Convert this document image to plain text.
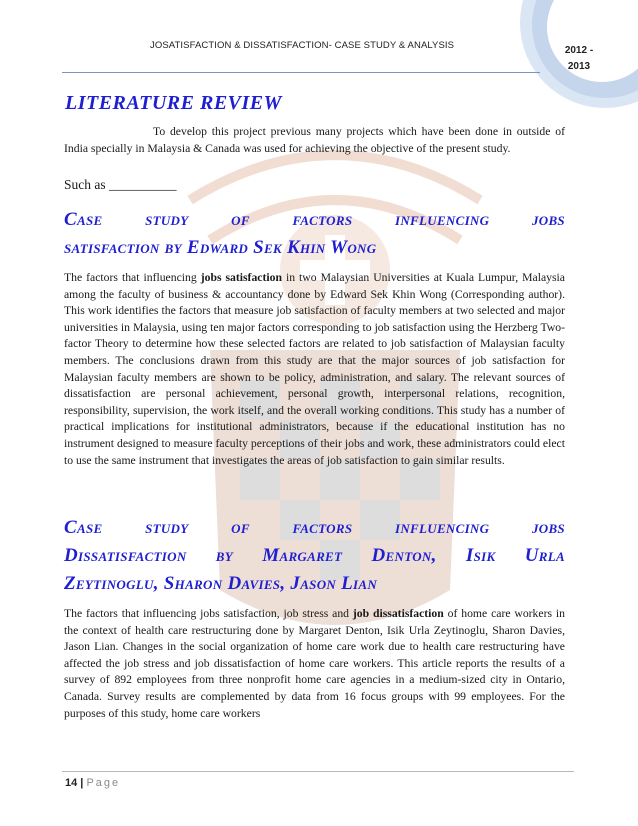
JOSATISFACTION & DISSATISFACTION- CASE STUDY & ANALYSIS	2012 -
2013
LITERATURE REVIEW
To develop this project previous many projects which have been done in outside of India specially in Malaysia & Canada was used for achieving the objective of the present study.
Such as __________
Case study of factors influencing jobs
satisfaction by Edward Sek Khin Wong
The factors that influencing jobs satisfaction in two Malaysian Universities at Kuala Lumpur, Malaysia among the faculty of business & accountancy done by Edward Sek Khin Wong (Corresponding author). This work identifies the factors that measure job satisfaction of faculty members at two selected and major universities in Malaysia, using ten major factors corresponding to job satisfaction using the Herzberg Two-factor Theory to determine how these selected factors are related to job satisfaction of Malaysian faculty members. The conclusions drawn from this study are that the major sources of job satisfaction for Malaysian faculty members are shown to be policy, administration, and salary. The relevant sources of dissatisfaction are personal achievement, personal growth, interpersonal relations, recognition, responsibility, supervision, the work itself, and the overall working conditions. This study has a number of practical implications for institutional administrators, because if the educational institution has no instrument designed to measure faculty perceptions of their jobs and work, these administrators could elect to use the same instrument that investigates the areas of job satisfaction to gain similar results.
Case study of factors influencing jobs
Dissatisfaction by Margaret Denton, Isik Urla
Zeytinoglu, Sharon Davies, Jason Lian
The factors that influencing jobs satisfaction, job stress and job dissatisfaction of home care workers in the context of health care restructuring done by Margaret Denton, Isik Urla Zeytinoglu, Sharon Davies, Jason Lian. Changes in the social organization of home care work due to health care restructuring have affected the job stress and job dissatisfaction of home care workers. This article reports the results of a survey of 892 employees from three nonprofit home care agencies in a medium-sized city in Ontario, Canada. Survey results are complemented by data from 16 focus groups with 99 employees. For the purposes of this study, home care workers
14 | Page
